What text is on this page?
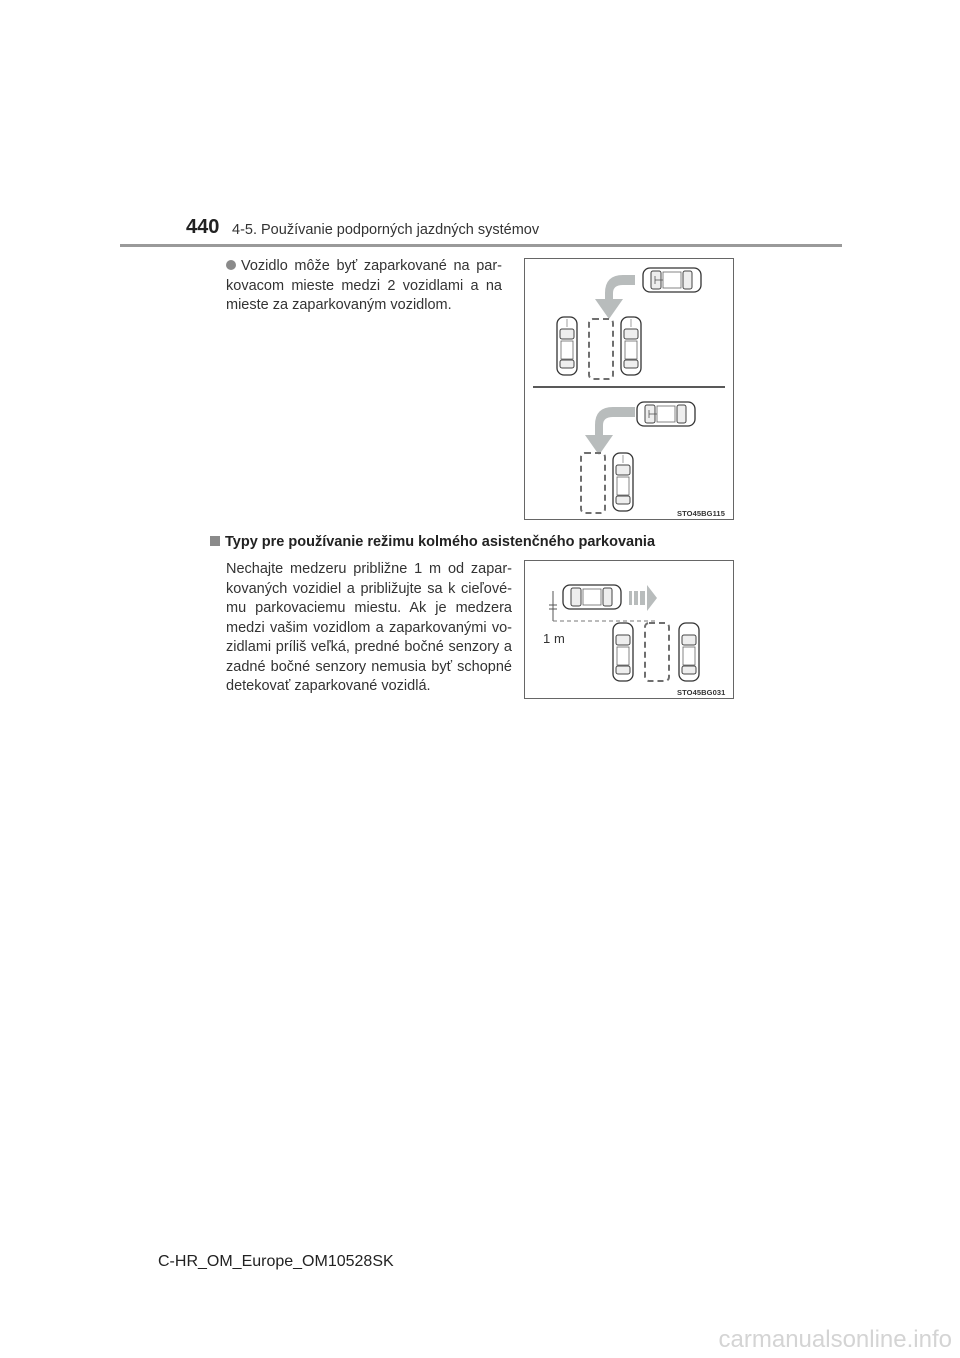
440 4-5. Používanie podporných jazdných systémov
Vozidlo môže byť zaparkované na par-kovacom mieste medzi 2 vozidlami a na mieste za zaparkovaným vozidlom.
STO45BG115
Typy pre používanie režimu kolmého asistenčného parkovania
Nechajte medzeru približne 1 m od zapar-kovaných vozidiel a približujte sa k cieľové-mu parkovaciemu miestu. Ak je medzera medzi vašim vozidlom a zaparkovanými vo-zidlami príliš veľká, predné bočné senzory a zadné bočné senzory nemusia byť schopné detekovať zaparkované vozidlá.
1 m
STO45BG031
C-HR_OM_Europe_OM10528SK
carmanualsonline.info
